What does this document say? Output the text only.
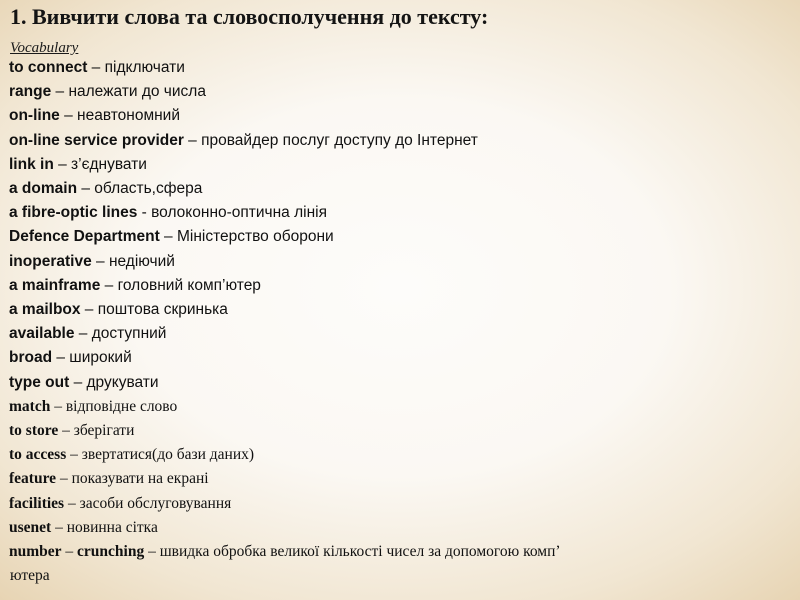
1. Вивчити слова та словосполучення до тексту:
Vocabulary
to connect – підключати
range – належати до числа
on-line – неавтономний
on-line service provider – провайдер послуг доступу до Інтернет
link in – з’єднувати
a domain – область,сфера
a fibre-optic lines - волоконно-оптична лінія
Defence Department – Міністерство оборони
inoperative – недіючий
a mainframe – головний комп’ютер
a mailbox – поштова скринька
available – доступний
broad – широкий
type out – друкувати
match – відповідне слово
to store – зберігати
to access – звертатися(до бази даних)
feature – показувати на екрані
facilities – засоби обслуговування
usenet – новинна сітка
number – crunching – швидка обробка великої кількості чисел за допомогою комп’
ютера
